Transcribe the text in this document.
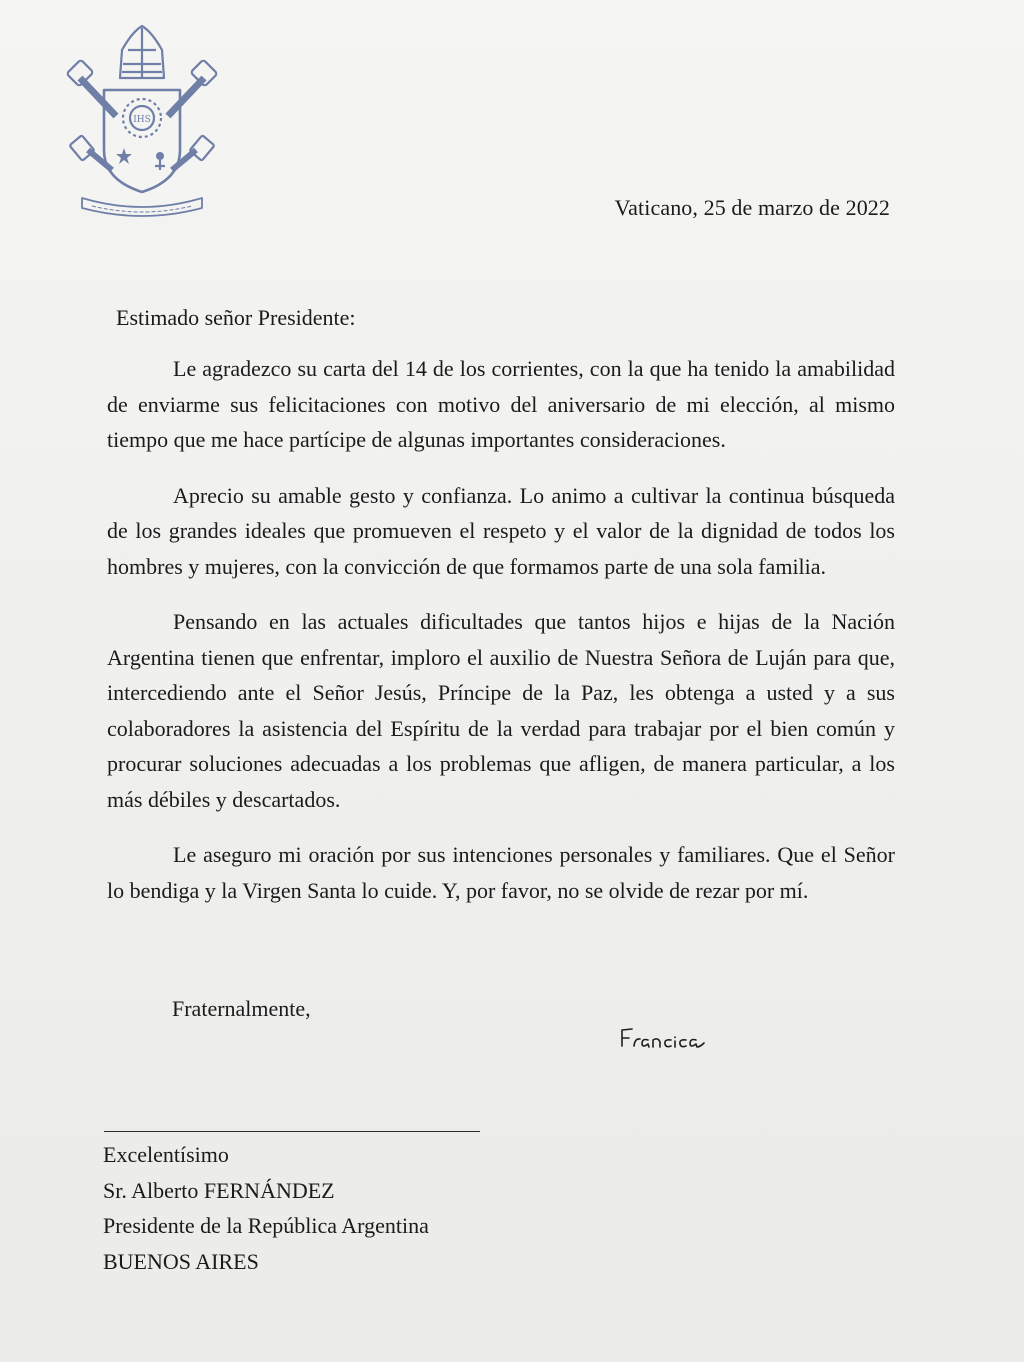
IHS
Vaticano, 25 de marzo de 2022
Estimado señor Presidente:

Le agradezco su carta del 14 de los corrientes, con la que ha tenido la amabilidad de enviarme sus felicitaciones con motivo del aniversario de mi elección, al mismo tiempo que me hace partícipe de algunas importantes consideraciones.

Aprecio su amable gesto y confianza. Lo animo a cultivar la continua búsqueda de los grandes ideales que promueven el respeto y el valor de la dignidad de todos los hombres y mujeres, con la convicción de que formamos parte de una sola familia.

Pensando en las actuales dificultades que tantos hijos e hijas de la Nación Argentina tienen que enfrentar, imploro el auxilio de Nuestra Señora de Luján para que, intercediendo ante el Señor Jesús, Príncipe de la Paz, les obtenga a usted y a sus colaboradores la asistencia del Espíritu de la verdad para trabajar por el bien común y procurar soluciones adecuadas a los problemas que afligen, de manera particular, a los más débiles y descartados.

Le aseguro mi oración por sus intenciones personales y familiares. Que el Señor lo bendiga y la Virgen Santa lo cuide. Y, por favor, no se olvide de rezar por mí.

Fraternalmente,
Excelentísimo
Sr. Alberto FERNÁNDEZ
Presidente de la República Argentina
BUENOS AIRES
